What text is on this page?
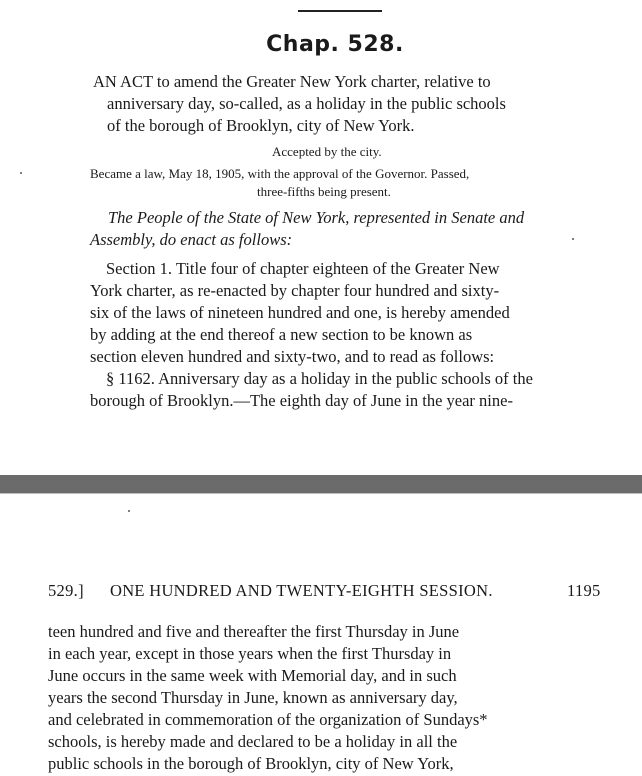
Chap. 528.
AN ACT to amend the Greater New York charter, relative to
anniversary day, so-called, as a holiday in the public schools
of the borough of Brooklyn, city of New York.
Accepted by the city.
Became a law, May 18, 1905, with the approval of the Governor. Passed,
three-fifths being present.
The People of the State of New York, represented in Senate and
Assembly, do enact as follows:
Section 1. Title four of chapter eighteen of the Greater New
York charter, as re-enacted by chapter four hundred and sixty-
six of the laws of nineteen hundred and one, is hereby amended
by adding at the end thereof a new section to be known as
section eleven hundred and sixty-two, and to read as follows:
§ 1162. Anniversary day as a holiday in the public schools of the
borough of Brooklyn.—The eighth day of June in the year nine-
529.] ONE HUNDRED AND TWENTY-EIGHTH SESSION.	1195
teen hundred and five and thereafter the first Thursday in June
in each year, except in those years when the first Thursday in
June occurs in the same week with Memorial day, and in such
years the second Thursday in June, known as anniversary day,
and celebrated in commemoration of the organization of Sundays*
schools, is hereby made and declared to be a holiday in all the
public schools in the borough of Brooklyn, city of New York,
